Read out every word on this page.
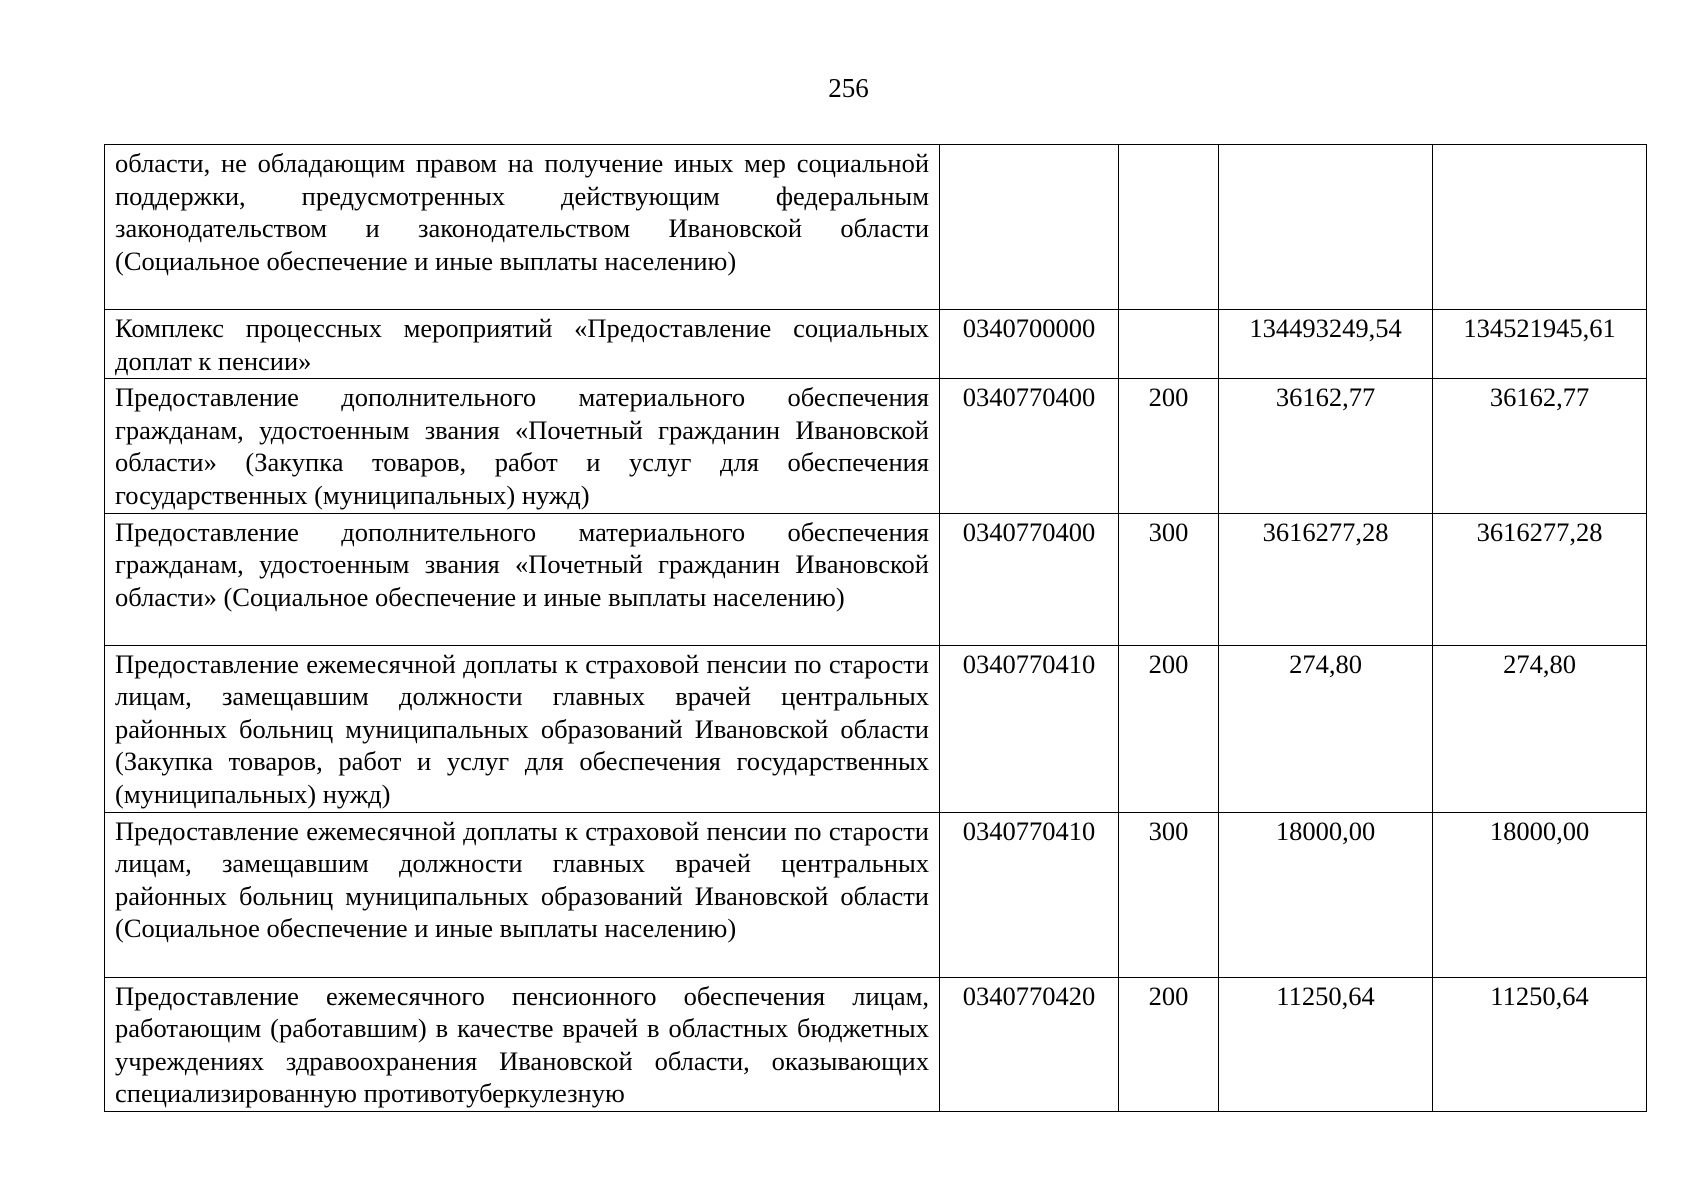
256
области, не обладающим правом на получение иных мер социальной поддержки, предусмотренных действующим федеральным законодательством и законодательством Ивановской области (Социальное обеспечение и иные выплаты населению)				
Комплекс процессных мероприятий «Предоставление социальных доплат к пенсии»	0340700000		134493249,54	134521945,61
Предоставление дополнительного материального обеспечения гражданам, удостоенным звания «Почетный гражданин Ивановской области» (Закупка товаров, работ и услуг для обеспечения государственных (муниципальных) нужд)	0340770400	200	36162,77	36162,77
Предоставление дополнительного материального обеспечения гражданам, удостоенным звания «Почетный гражданин Ивановской области» (Социальное обеспечение и иные выплаты населению)	0340770400	300	3616277,28	3616277,28
Предоставление ежемесячной доплаты к страховой пенсии по старости лицам, замещавшим должности главных врачей центральных районных больниц муниципальных образований Ивановской области (Закупка товаров, работ и услуг для обеспечения государственных (муниципальных) нужд)	0340770410	200	274,80	274,80
Предоставление ежемесячной доплаты к страховой пенсии по старости лицам, замещавшим должности главных врачей центральных районных больниц муниципальных образований Ивановской области (Социальное обеспечение и иные выплаты населению)	0340770410	300	18000,00	18000,00
Предоставление ежемесячного пенсионного обеспечения лицам, работающим (работавшим) в качестве врачей в областных бюджетных учреждениях здравоохранения Ивановской области, оказывающих специализированную противотуберкулезную	0340770420	200	11250,64	11250,64
